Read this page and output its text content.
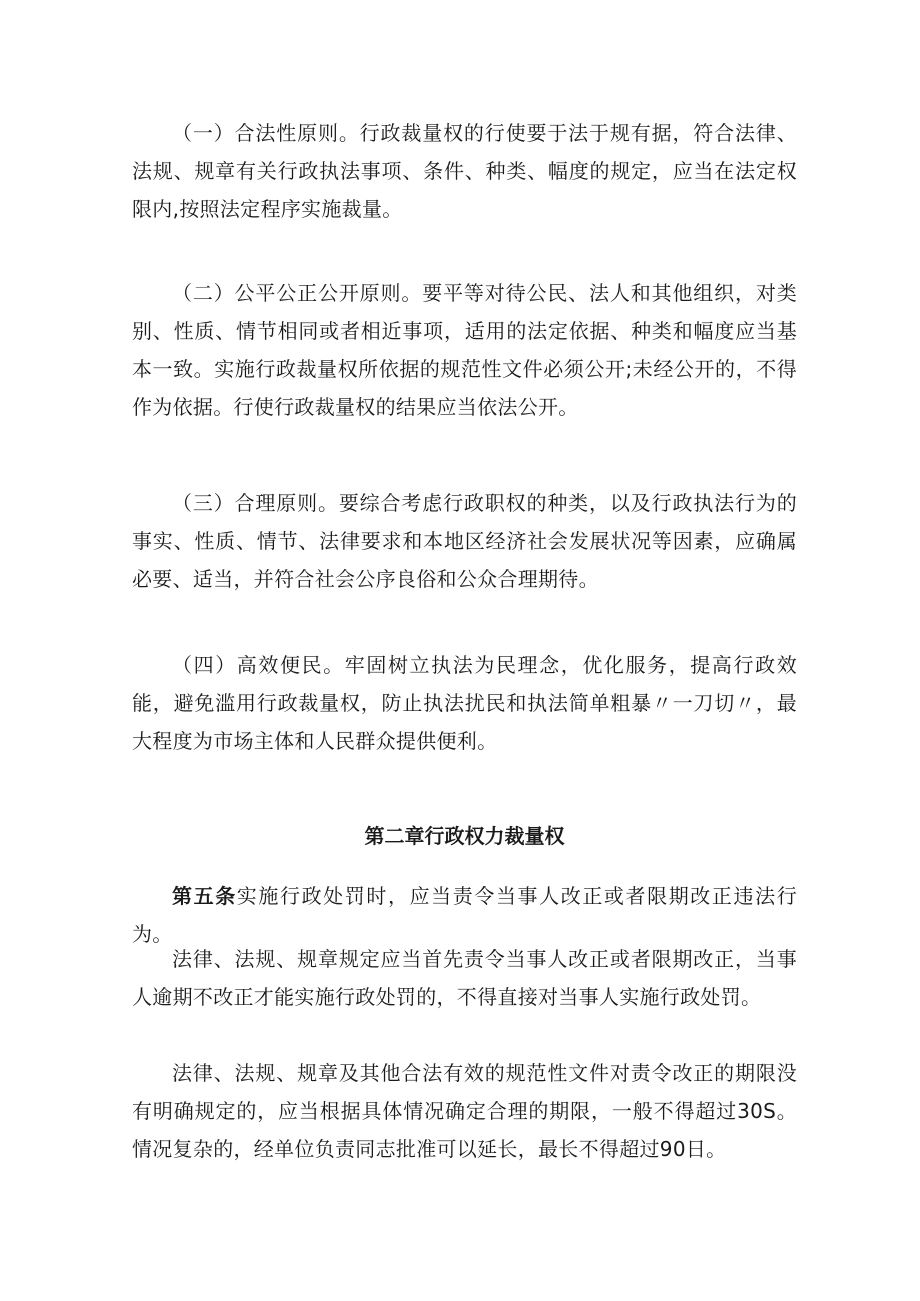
（一）合法性原则。行政裁量权的行使要于法于规有据，符合法律、法规、规章有关行政执法事项、条件、种类、幅度的规定，应当在法定权限内,按照法定程序实施裁量。

（二）公平公正公开原则。要平等对待公民、法人和其他组织，对类别、性质、情节相同或者相近事项，适用的法定依据、种类和幅度应当基本一致。实施行政裁量权所依据的规范性文件必须公开;未经公开的，不得作为依据。行使行政裁量权的结果应当依法公开。

（三）合理原则。要综合考虑行政职权的种类，以及行政执法行为的事实、性质、情节、法律要求和本地区经济社会发展状况等因素，应确属必要、适当，并符合社会公序良俗和公众合理期待。

（四）高效便民。牢固树立执法为民理念，优化服务，提高行政效能，避免滥用行政裁量权，防止执法扰民和执法简单粗暴〃一刀切〃，最大程度为市场主体和人民群众提供便利。

第二章行政权力裁量权

第五条实施行政处罚时，应当责令当事人改正或者限期改正违法行为。

法律、法规、规章规定应当首先责令当事人改正或者限期改正，当事人逾期不改正才能实施行政处罚的，不得直接对当事人实施行政处罚。

法律、法规、规章及其他合法有效的规范性文件对责令改正的期限没有明确规定的，应当根据具体情况确定合理的期限，一般不得超过30S。情况复杂的，经单位负责同志批准可以延长，最长不得超过90日。
